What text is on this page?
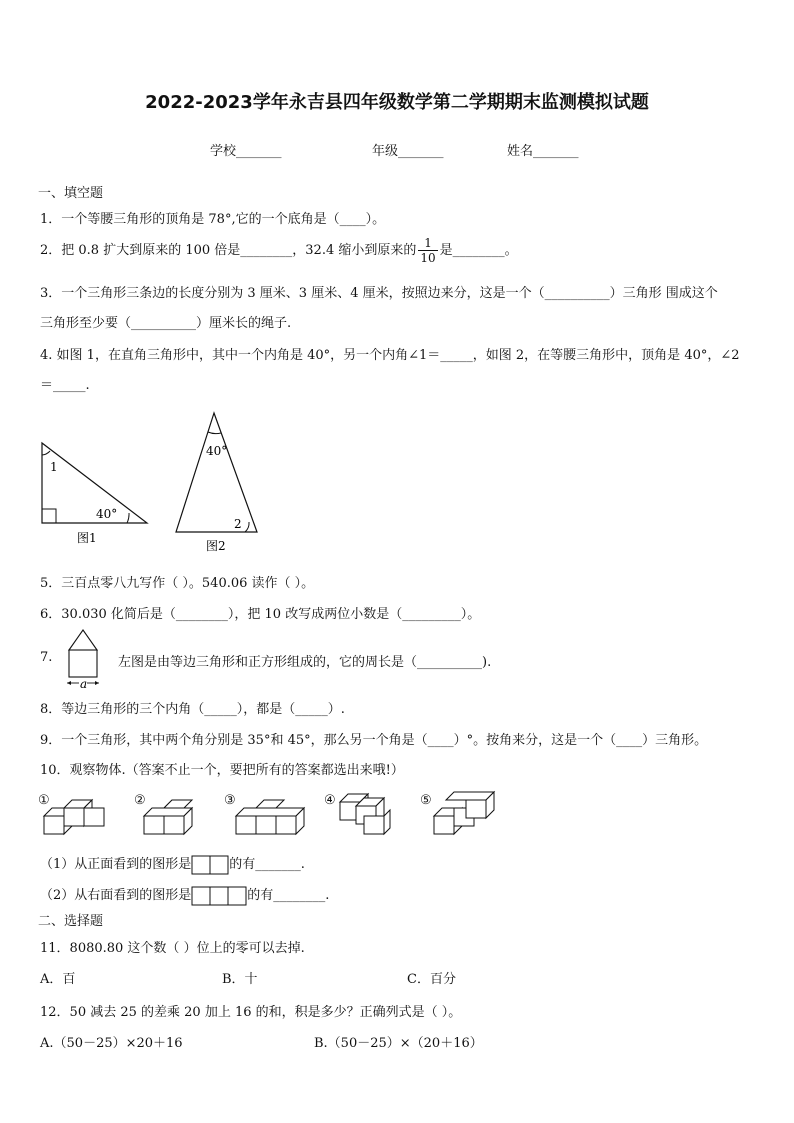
2022-2023学年永吉县四年级数学第二学期期末监测模拟试题
学校_______	年级_______	姓名_______
一、填空题
1．一个等腰三角形的顶角是 78°,它的一个底角是（____）。
2．把 0.8 扩大到原来的 100 倍是________，32.4 缩小到原来的 $\frac{1}{10}$ 是________。
3．一个三角形三条边的长度分别为 3 厘米、3 厘米、4 厘米，按照边来分，这是一个（__________）三角形 围成这个
三角形至少要（__________）厘米长的绳子.
4. 如图 1，在直角三角形中，其中一个内角是 40°，另一个内角∠1＝_____，如图 2，在等腰三角形中，顶角是 40°，∠2
＝_____.
1
40°
图1
40°
2
图2
5．三百点零八九写作（ ）。540.06 读作（ ）。
6．30.030 化简后是（________），把 10 改写成两位小数是（_________）。
7.
a
左图是由等边三角形和正方形组成的，它的周长是（__________).
8．等边三角形的三个内角（_____），都是（_____）.
9．一个三角形，其中两个角分别是 35°和 45°，那么另一个角是（____）°。按角来分，这是一个（____）三角形。
10．观察物体.（答案不止一个，要把所有的答案都选出来哦!）
①	②	③	④	⑤
（1）从正面看到的图形是	的有_______.
（2）从右面看到的图形是	的有________.
二、选择题
11．8080.80 这个数（ ）位上的零可以去掉.
A．百	B．十	C．百分
12．50 减去 25 的差乘 20 加上 16 的和，积是多少？正确列式是（ ）。
A.（50－25）×20＋16	B.（50－25）×（20＋16）
